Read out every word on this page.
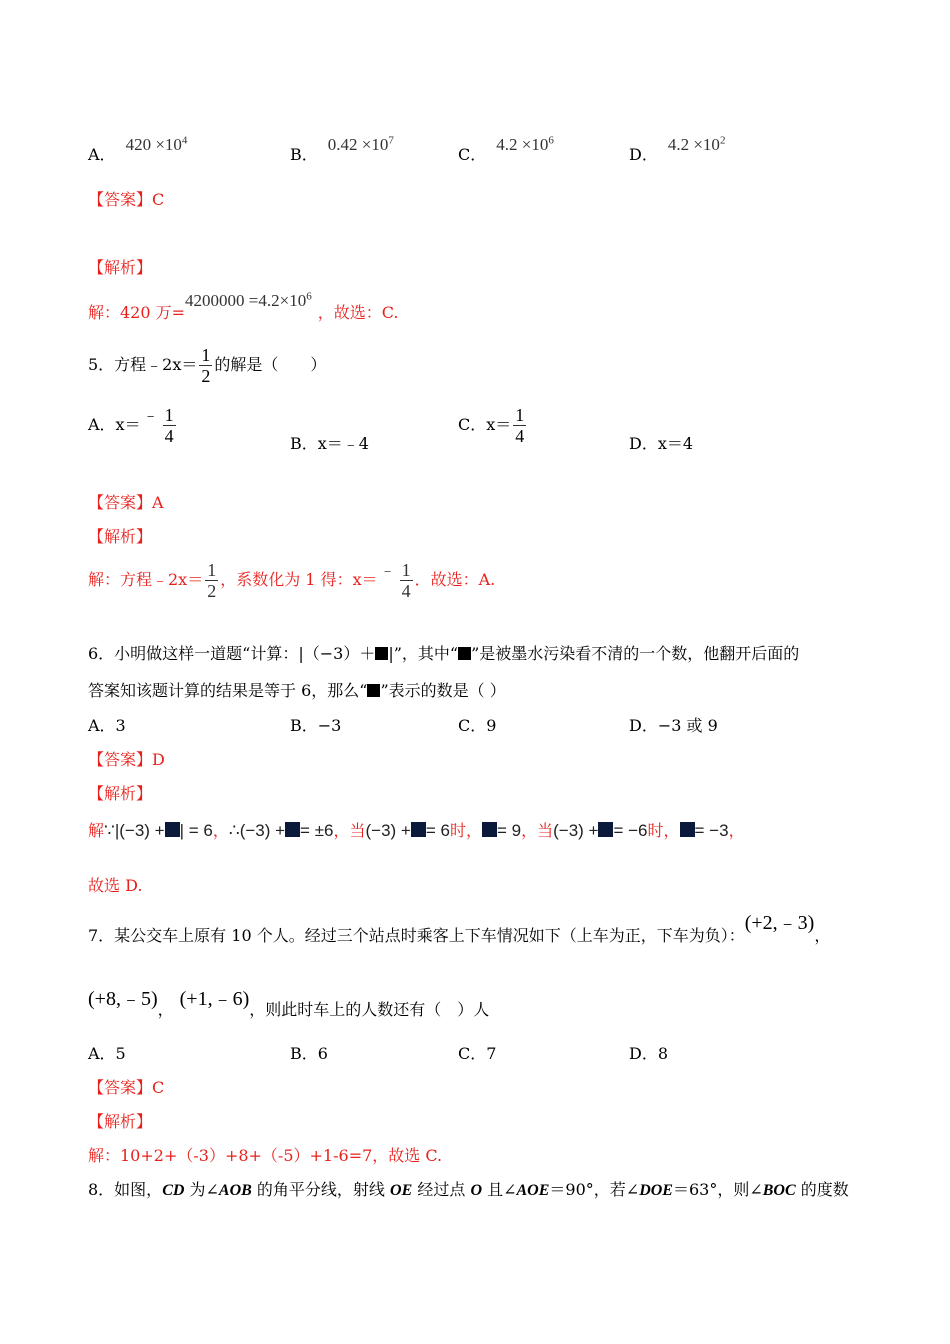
A．$420 \times 10^4$
B．$0.42 \times 10^7$
C．$4.2 \times 10^6$
D．$4.2 \times 10^2$
【答案】C
【解析】
解：420 万$=4200000 =4.2\times 10^6$，故选：C.
5．方程﹣2x＝ $\frac{1}{2}$ 的解是（　　）
A．x＝﹣ $\frac{1}{4}$	B．x＝﹣4
C．$x= \frac{1}{4}$	D．x＝4
【答案】A
【解析】
解：方程﹣2x＝ $\frac{1}{2}$ ，系数化为 1 得：x＝﹣ $\frac{1}{4}$ ．故选：A.
6．小明做这样一道题“计算：|（−3）＋ |”，其中“ ”是被墨水污染看不清的一个数，他翻开后面的
答案知该题计算的结果是等于 6，那么“ ”表示的数是（ ）
A．3	B．−3	C．9	D．−3 或 9
【答案】D
【解析】
解∵|(−3) + | = 6，∴(−3) + = ±6，当(−3) + = 6时， = 9，当(−3) + = −6时， = −3，
故选 D.
7．某公交车上原有 10 个人。经过三个站点时乘客上下车情况如下（上车为正，下车为负）：(+2,﹣3)，
(+8,﹣5)， (+1,﹣6)，则此时车上的人数还有（　）人
A．5	B．6	C．7	D．8
【答案】C
【解析】
解：10+2+（-3）+8+（-5）+1-6=7，故选 C.
8．如图，CD 为∠AOB 的角平分线，射线 OE 经过点 O 且∠AOE＝90°，若∠DOE＝63°，则∠BOC 的度数
